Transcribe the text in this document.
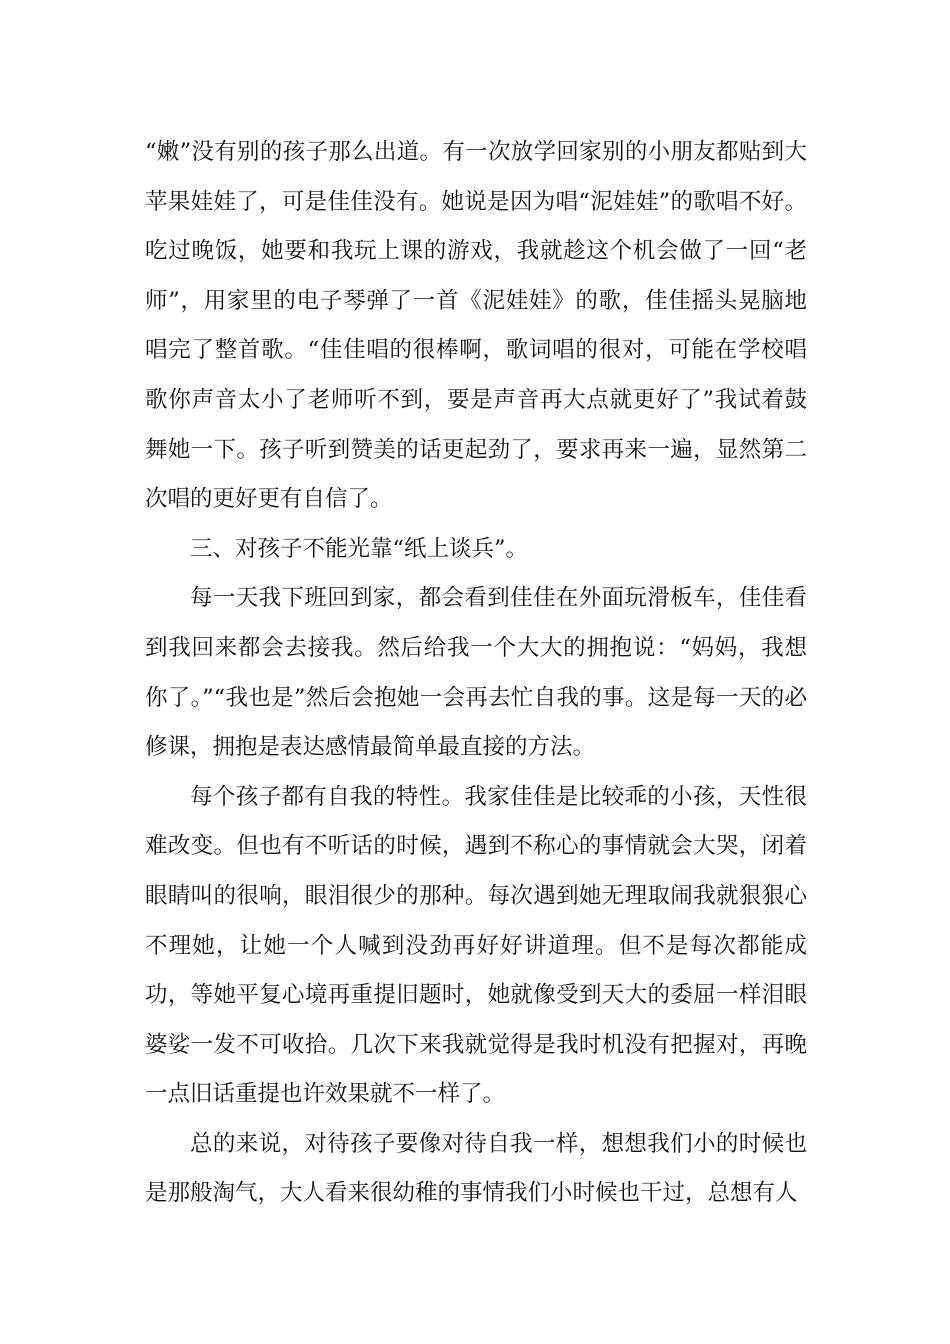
“嫩”没有别的孩子那么出道。有一次放学回家别的小朋友都贴到大苹果娃娃了，可是佳佳没有。她说是因为唱“泥娃娃”的歌唱不好。吃过晚饭，她要和我玩上课的游戏，我就趁这个机会做了一回“老师”，用家里的电子琴弹了一首《泥娃娃》的歌，佳佳摇头晃脑地唱完了整首歌。“佳佳唱的很棒啊，歌词唱的很对，可能在学校唱歌你声音太小了老师听不到，要是声音再大点就更好了”我试着鼓舞她一下。孩子听到赞美的话更起劲了，要求再来一遍，显然第二次唱的更好更有自信了。

三、对孩子不能光靠“纸上谈兵”。

每一天我下班回到家，都会看到佳佳在外面玩滑板车，佳佳看到我回来都会去接我。然后给我一个大大的拥抱说：“妈妈，我想你了。”“我也是”然后会抱她一会再去忙自我的事。这是每一天的必修课，拥抱是表达感情最简单最直接的方法。

每个孩子都有自我的特性。我家佳佳是比较乖的小孩，天性很难改变。但也有不听话的时候，遇到不称心的事情就会大哭，闭着眼睛叫的很响，眼泪很少的那种。每次遇到她无理取闹我就狠狠心不理她，让她一个人喊到没劲再好好讲道理。但不是每次都能成功，等她平复心境再重提旧题时，她就像受到天大的委屈一样泪眼婆娑一发不可收拾。几次下来我就觉得是我时机没有把握对，再晚一点旧话重提也许效果就不一样了。

总的来说，对待孩子要像对待自我一样，想想我们小的时候也是那般淘气，大人看来很幼稚的事情我们小时候也干过，总想有人
